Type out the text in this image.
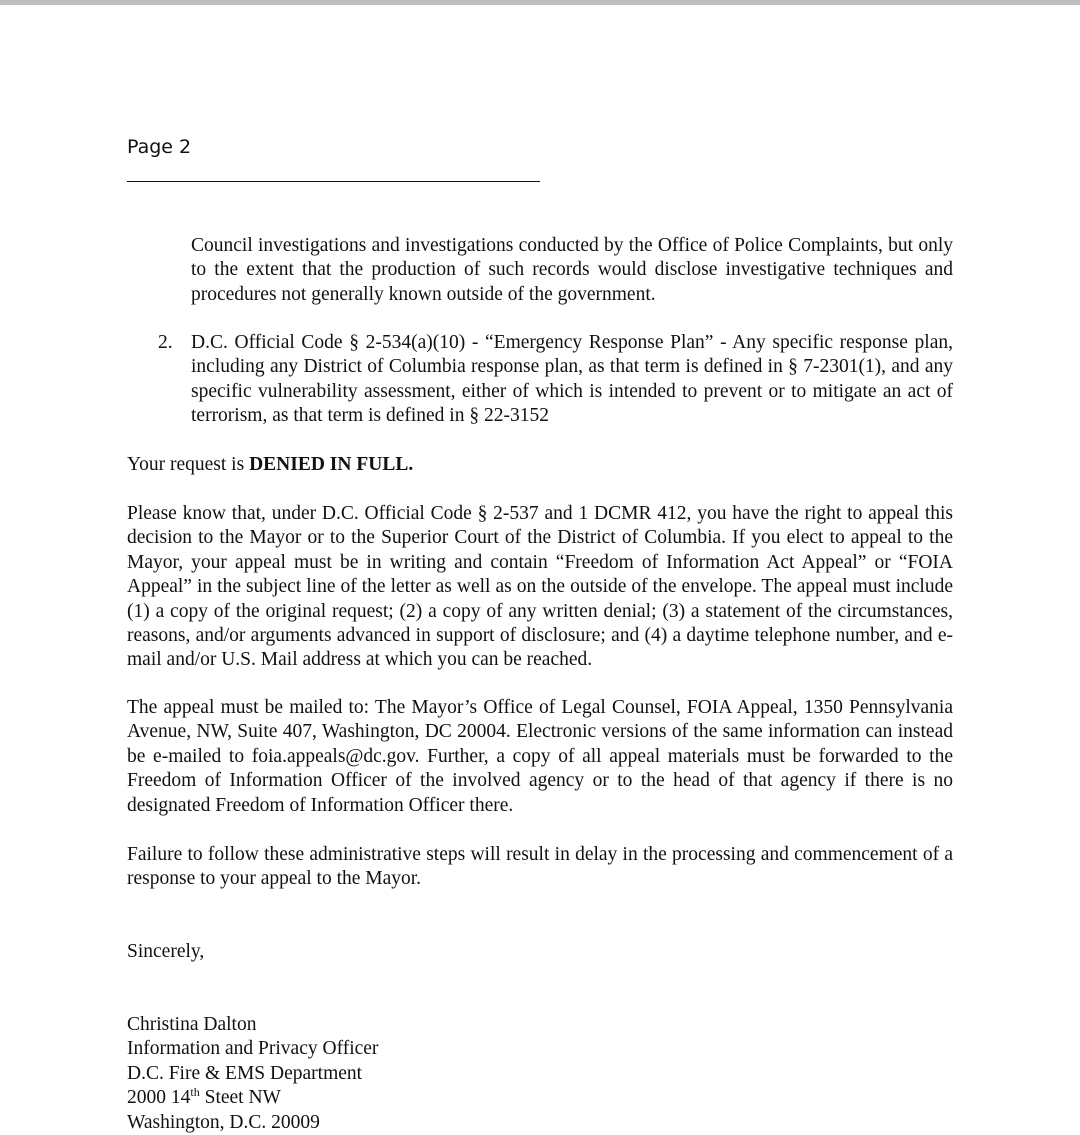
Page 2

Council investigations and investigations conducted by the Office of Police Complaints, but only to the extent that the production of such records would disclose investigative techniques and procedures not generally known outside of the government.

2. D.C. Official Code § 2-534(a)(10) - “Emergency Response Plan” - Any specific response plan, including any District of Columbia response plan, as that term is defined in § 7-2301(1), and any specific vulnerability assessment, either of which is intended to prevent or to mitigate an act of terrorism, as that term is defined in § 22-3152

Your request is DENIED IN FULL.

Please know that, under D.C. Official Code § 2-537 and 1 DCMR 412, you have the right to appeal this decision to the Mayor or to the Superior Court of the District of Columbia. If you elect to appeal to the Mayor, your appeal must be in writing and contain “Freedom of Information Act Appeal” or “FOIA Appeal” in the subject line of the letter as well as on the outside of the envelope. The appeal must include (1) a copy of the original request; (2) a copy of any written denial; (3) a statement of the circumstances, reasons, and/or arguments advanced in support of disclosure; and (4) a daytime telephone number, and e-mail and/or U.S. Mail address at which you can be reached.

The appeal must be mailed to: The Mayor’s Office of Legal Counsel, FOIA Appeal, 1350 Pennsylvania Avenue, NW, Suite 407, Washington, DC 20004. Electronic versions of the same information can instead be e-mailed to foia.appeals@dc.gov. Further, a copy of all appeal materials must be forwarded to the Freedom of Information Officer of the involved agency or to the head of that agency if there is no designated Freedom of Information Officer there.

Failure to follow these administrative steps will result in delay in the processing and commencement of a response to your appeal to the Mayor.

Sincerely,

Christina Dalton
Information and Privacy Officer
D.C. Fire & EMS Department
2000 14th Steet NW
Washington, D.C. 20009
